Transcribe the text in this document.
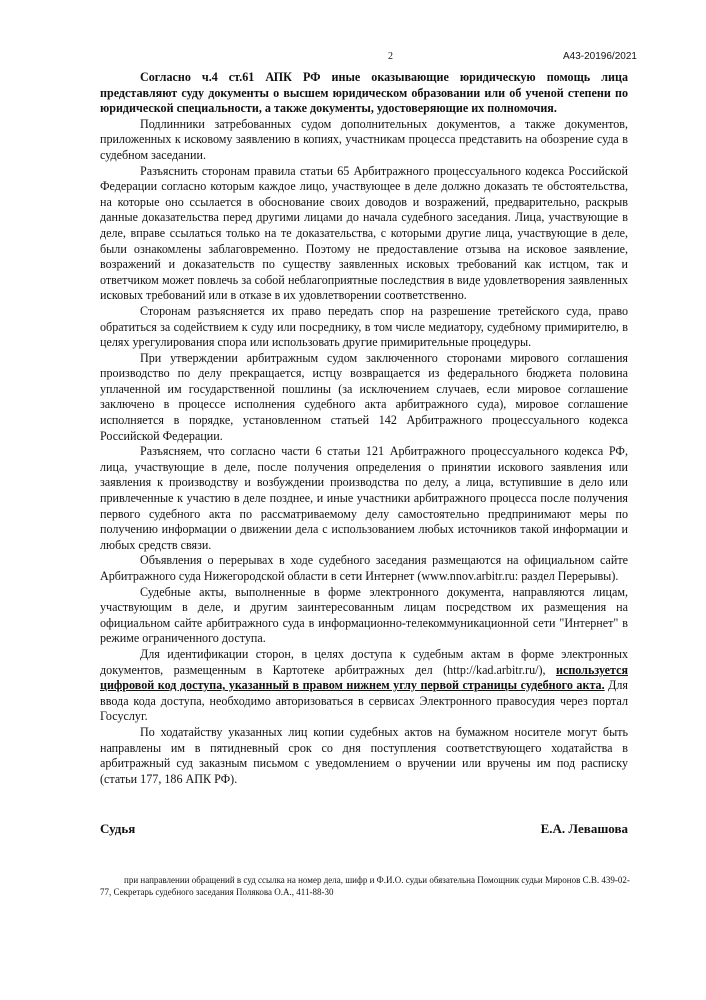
2	А43-20196/2021

Согласно ч.4 ст.61 АПК РФ иные оказывающие юридическую помощь лица представляют суду документы о высшем юридическом образовании или об ученой степени по юридической специальности, а также документы, удостоверяющие их полномочия.

Подлинники затребованных судом дополнительных документов, а также документов, приложенных к исковому заявлению в копиях, участникам процесса представить на обозрение суда в судебном заседании.

Разъяснить сторонам правила статьи 65 Арбитражного процессуального кодекса Российской Федерации согласно которым каждое лицо, участвующее в деле должно доказать те обстоятельства, на которые оно ссылается в обоснование своих доводов и возражений, предварительно, раскрыв данные доказательства перед другими лицами до начала судебного заседания. Лица, участвующие в деле, вправе ссылаться только на те доказательства, с которыми другие лица, участвующие в деле, были ознакомлены заблаговременно. Поэтому не предоставление отзыва на исковое заявление, возражений и доказательств по существу заявленных исковых требований как истцом, так и ответчиком может повлечь за собой неблагоприятные последствия в виде удовлетворения заявленных исковых требований или в отказе в их удовлетворении соответственно.

Сторонам разъясняется их право передать спор на разрешение третейского суда, право обратиться за содействием к суду или посреднику, в том числе медиатору, судебному примирителю, в целях урегулирования спора или использовать другие примирительные процедуры.

При утверждении арбитражным судом заключенного сторонами мирового соглашения производство по делу прекращается, истцу возвращается из федерального бюджета половина уплаченной им государственной пошлины (за исключением случаев, если мировое соглашение заключено в процессе исполнения судебного акта арбитражного суда), мировое соглашение исполняется в порядке, установленном статьей 142 Арбитражного процессуального кодекса Российской Федерации.

Разъясняем, что согласно части 6 статьи 121 Арбитражного процессуального кодекса РФ, лица, участвующие в деле, после получения определения о принятии искового заявления или заявления к производству и возбуждении производства по делу, а лица, вступившие в дело или привлеченные к участию в деле позднее, и иные участники арбитражного процесса после получения первого судебного акта по рассматриваемому делу самостоятельно предпринимают меры по получению информации о движении дела с использованием любых источников такой информации и любых средств связи.

Объявления о перерывах в ходе судебного заседания размещаются на официальном сайте Арбитражного суда Нижегородской области в сети Интернет (www.nnov.arbitr.ru: раздел Перерывы).

Судебные акты, выполненные в форме электронного документа, направляются лицам, участвующим в деле, и другим заинтересованным лицам посредством их размещения на официальном сайте арбитражного суда в информационно-телекоммуникационной сети "Интернет" в режиме ограниченного доступа.

Для идентификации сторон, в целях доступа к судебным актам в форме электронных документов, размещенным в Картотеке арбитражных дел (http://kad.arbitr.ru/), используется цифровой код доступа, указанный в правом нижнем углу первой страницы судебного акта. Для ввода кода доступа, необходимо авторизоваться в сервисах Электронного правосудия через портал Госуслуг.

По ходатайству указанных лиц копии судебных актов на бумажном носителе могут быть направлены им в пятидневный срок со дня поступления соответствующего ходатайства в арбитражный суд заказным письмом с уведомлением о вручении или вручены им под расписку (статьи 177, 186 АПК РФ).

Судья	Е.А. Левашова
при направлении обращений в суд ссылка на номер дела, шифр и Ф.И.О. судьи обязательна Помощник судьи Миронов С.В. 439-02-77, Секретарь судебного заседания Полякова О.А., 411-88-30
